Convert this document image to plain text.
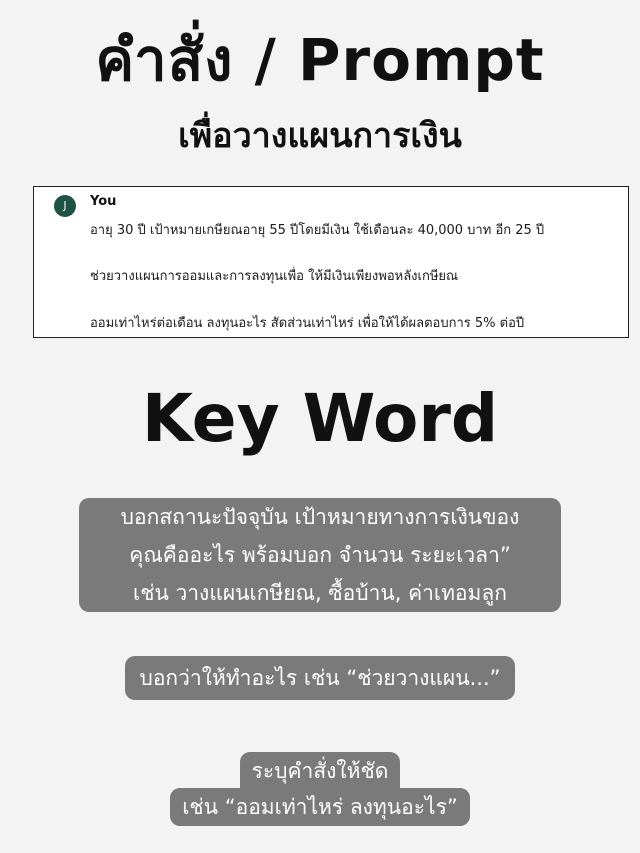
คำสั่ง / Prompt
เพื่อวางแผนการเงิน
J	You
อายุ 30 ปี เป้าหมายเกษียณอายุ 55 ปีโดยมีเงิน ใช้เดือนละ 40,000 บาท อีก 25 ปี
ช่วยวางแผนการออมและการลงทุนเพื่อ ให้มีเงินเพียงพอหลังเกษียณ
ออมเท่าไหร่ต่อเดือน ลงทุนอะไร สัดส่วนเท่าไหร่ เพื่อให้ได้ผลตอบการ 5% ต่อปี
Key Word
บอกสถานะปัจจุบัน เป้าหมายทางการเงินของ
คุณคืออะไร พร้อมบอก จำนวน ระยะเวลา”
เช่น วางแผนเกษียณ, ซื้อบ้าน, ค่าเทอมลูก
บอกว่าให้ทำอะไร เช่น “ช่วยวางแผน...”
ระบุคำสั่งให้ชัด
เช่น “ออมเท่าไหร่ ลงทุนอะไร”
